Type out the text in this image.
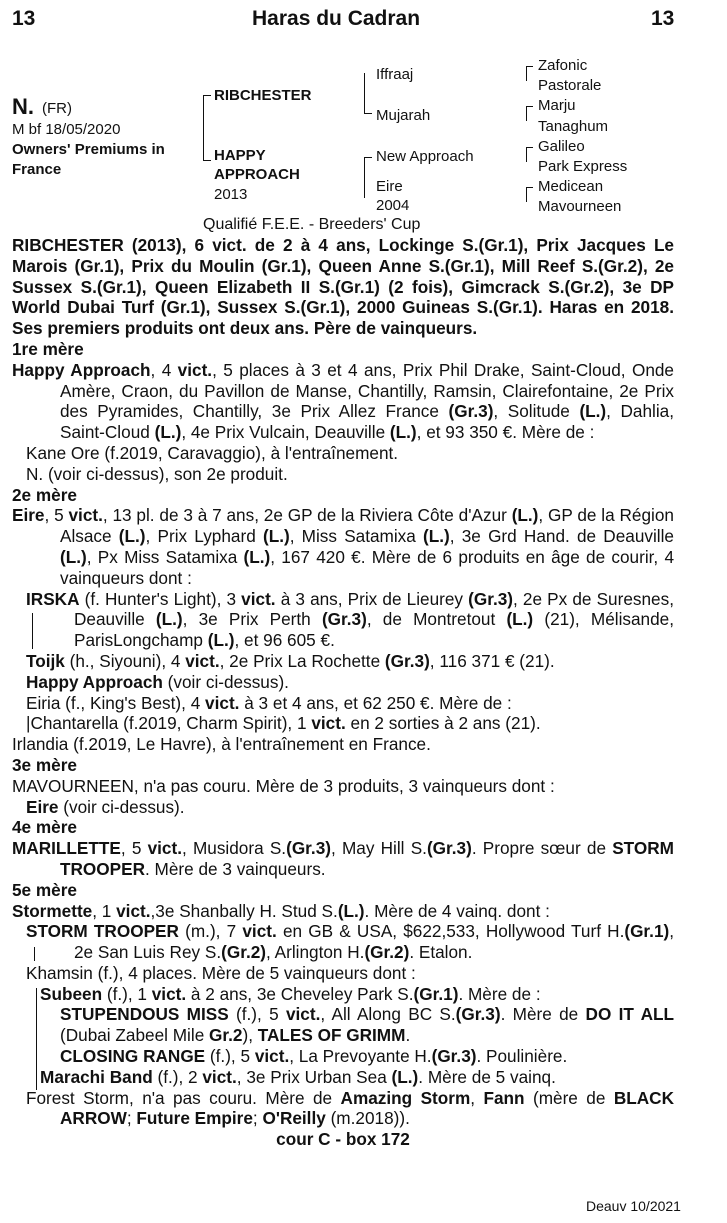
13	Haras du Cadran	13
N. (FR)
M bf 18/05/2020
Owners' Premiums in
France
RIBCHESTER
HAPPY
APPROACH
2013
Iffraaj
Mujarah
New Approach
Eire
2004
Zafonic
Pastorale
Marju
Tanaghum
Galileo
Park Express
Medicean
Mavourneen
Qualifié F.E.E. - Breeders' Cup
RIBCHESTER (2013), 6 vict. de 2 à 4 ans, Lockinge S.(Gr.1), Prix Jacques Le Marois (Gr.1), Prix du Moulin (Gr.1), Queen Anne S.(Gr.1), Mill Reef S.(Gr.2), 2e Sussex S.(Gr.1), Queen Elizabeth II S.(Gr.1) (2 fois), Gimcrack S.(Gr.2), 3e DP World Dubai Turf (Gr.1), Sussex S.(Gr.1), 2000 Guineas S.(Gr.1). Haras en 2018. Ses premiers produits ont deux ans. Père de vainqueurs.
1re mère
Happy Approach, 4 vict., 5 places à 3 et 4 ans, Prix Phil Drake, Saint-Cloud, Onde Amère, Craon, du Pavillon de Manse, Chantilly, Ramsin, Clairefontaine, 2e Prix des Pyramides, Chantilly, 3e Prix Allez France (Gr.3), Solitude (L.), Dahlia, Saint-Cloud (L.), 4e Prix Vulcain, Deauville (L.), et 93 350 €. Mère de :
Kane Ore (f.2019, Caravaggio), à l'entraînement.
N. (voir ci-dessus), son 2e produit.
2e mère
Eire, 5 vict., 13 pl. de 3 à 7 ans, 2e GP de la Riviera Côte d'Azur (L.), GP de la Région Alsace (L.), Prix Lyphard (L.), Miss Satamixa (L.), 3e Grd Hand. de Deauville (L.), Px Miss Satamixa (L.), 167 420 €. Mère de 6 produits en âge de courir, 4 vainqueurs dont :
IRSKA (f. Hunter's Light), 3 vict. à 3 ans, Prix de Lieurey (Gr.3), 2e Px de Suresnes, Deauville (L.), 3e Prix Perth (Gr.3), de Montretout (L.) (21), Mélisande, ParisLongchamp (L.), et 96 605 €.
Toijk (h., Siyouni), 4 vict., 2e Prix La Rochette (Gr.3), 116 371 € (21).
Happy Approach (voir ci-dessus).
Eiria (f., King's Best), 4 vict. à 3 et 4 ans, et 62 250 €. Mère de :
|Chantarella (f.2019, Charm Spirit), 1 vict. en 2 sorties à 2 ans (21).
Irlandia (f.2019, Le Havre), à l'entraînement en France.
3e mère
MAVOURNEEN, n'a pas couru. Mère de 3 produits, 3 vainqueurs dont :
Eire (voir ci-dessus).
4e mère
MARILLETTE, 5 vict., Musidora S.(Gr.3), May Hill S.(Gr.3). Propre sœur de STORM TROOPER. Mère de 3 vainqueurs.
5e mère
Stormette, 1 vict.,3e Shanbally H. Stud S.(L.). Mère de 4 vainq. dont :
STORM TROOPER (m.), 7 vict. en GB & USA, $622,533, Hollywood Turf H.(Gr.1), 2e San Luis Rey S.(Gr.2), Arlington H.(Gr.2). Etalon.
Khamsin (f.), 4 places. Mère de 5 vainqueurs dont :
Subeen (f.), 1 vict. à 2 ans, 3e Cheveley Park S.(Gr.1). Mère de :
STUPENDOUS MISS (f.), 5 vict., All Along BC S.(Gr.3). Mère de DO IT ALL (Dubai Zabeel Mile Gr.2), TALES OF GRIMM.
CLOSING RANGE (f.), 5 vict., La Prevoyante H.(Gr.3). Poulinière.
Marachi Band (f.), 2 vict., 3e Prix Urban Sea (L.). Mère de 5 vainq.
Forest Storm, n'a pas couru. Mère de Amazing Storm, Fann (mère de BLACK ARROW; Future Empire; O'Reilly (m.2018)).
cour C - box 172
Deauv 10/2021
